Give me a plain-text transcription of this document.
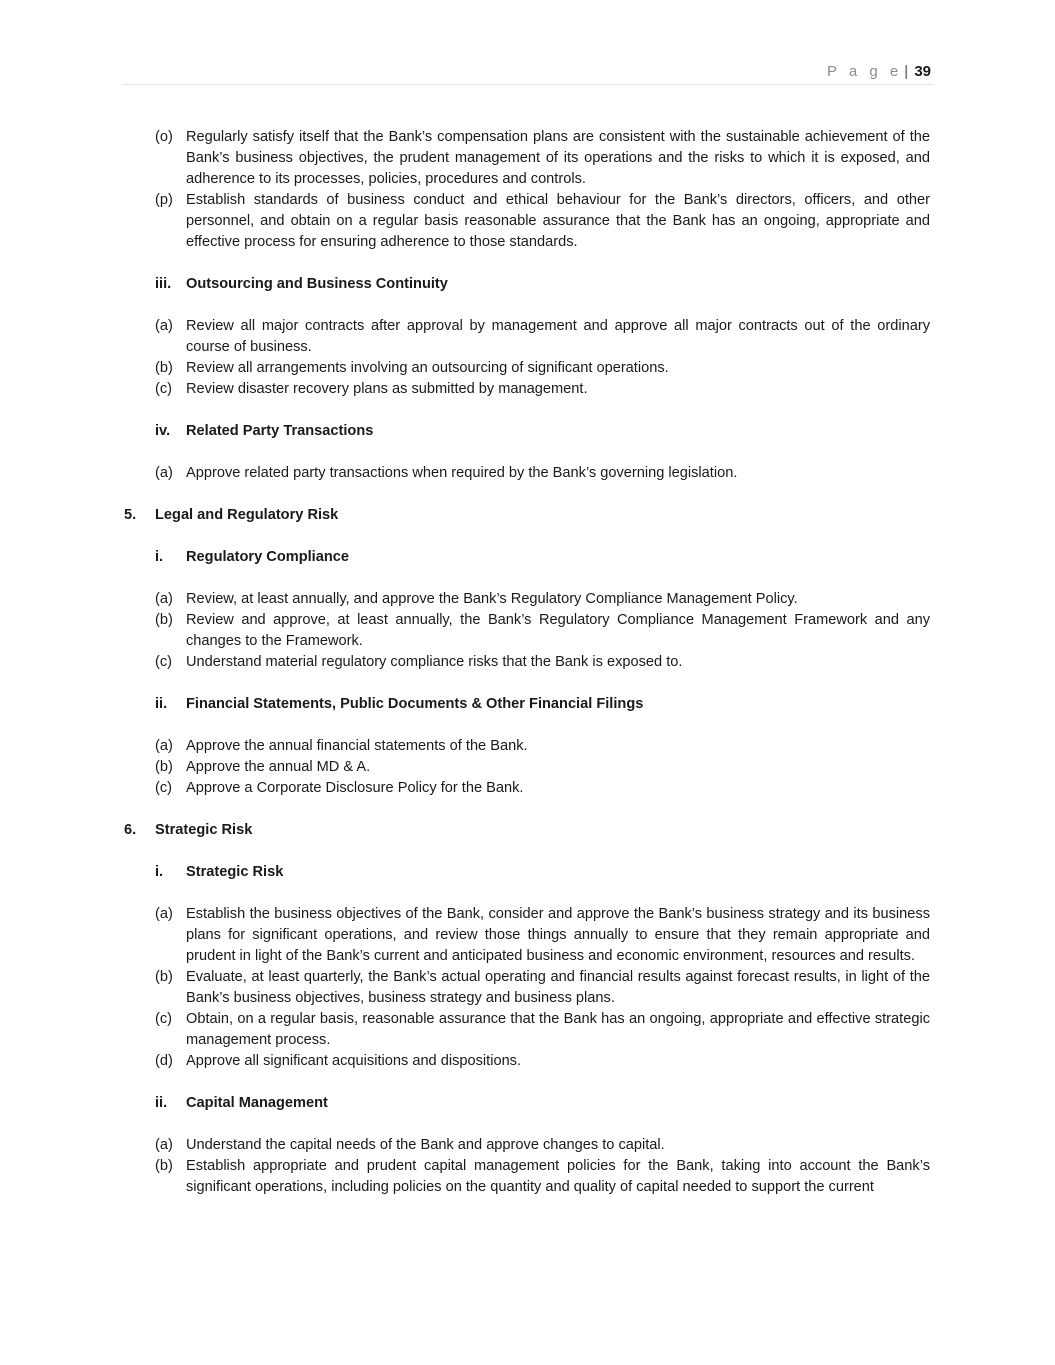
P a g e | 39
(o) Regularly satisfy itself that the Bank’s compensation plans are consistent with the sustainable achievement of the Bank’s business objectives, the prudent management of its operations and the risks to which it is exposed, and adherence to its processes, policies, procedures and controls.
(p) Establish standards of business conduct and ethical behaviour for the Bank’s directors, officers, and other personnel, and obtain on a regular basis reasonable assurance that the Bank has an ongoing, appropriate and effective process for ensuring adherence to those standards.
iii. Outsourcing and Business Continuity
(a) Review all major contracts after approval by management and approve all major contracts out of the ordinary course of business.
(b) Review all arrangements involving an outsourcing of significant operations.
(c) Review disaster recovery plans as submitted by management.
iv. Related Party Transactions
(a) Approve related party transactions when required by the Bank’s governing legislation.
5. Legal and Regulatory Risk
i. Regulatory Compliance
(a) Review, at least annually, and approve the Bank’s Regulatory Compliance Management Policy.
(b) Review and approve, at least annually, the Bank’s Regulatory Compliance Management Framework and any changes to the Framework.
(c) Understand material regulatory compliance risks that the Bank is exposed to.
ii. Financial Statements, Public Documents & Other Financial Filings
(a) Approve the annual financial statements of the Bank.
(b) Approve the annual MD & A.
(c) Approve a Corporate Disclosure Policy for the Bank.
6. Strategic Risk
i. Strategic Risk
(a) Establish the business objectives of the Bank, consider and approve the Bank’s business strategy and its business plans for significant operations, and review those things annually to ensure that they remain appropriate and prudent in light of the Bank’s current and anticipated business and economic environment, resources and results.
(b) Evaluate, at least quarterly, the Bank’s actual operating and financial results against forecast results, in light of the Bank’s business objectives, business strategy and business plans.
(c) Obtain, on a regular basis, reasonable assurance that the Bank has an ongoing, appropriate and effective strategic management process.
(d) Approve all significant acquisitions and dispositions.
ii. Capital Management
(a) Understand the capital needs of the Bank and approve changes to capital.
(b) Establish appropriate and prudent capital management policies for the Bank, taking into account the Bank’s significant operations, including policies on the quantity and quality of capital needed to support the current
